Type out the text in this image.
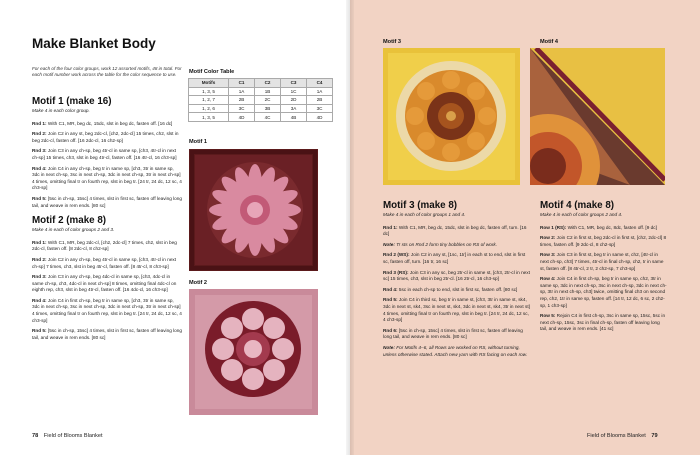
Make Blanket Body

For each of the four color groups, work 12 assorted motifs, 48 in total. For each motif number work across the table for the color sequence to use.

Motif 1 (make 16)

Make 4 in each color group.

Rnd 1: With C1, MR, beg dc, 15dc, slst in beg dc, fasten off. [16 dc]

Rnd 2: Join C2 in any st, beg 2dc-cl, [ch2, 2dc-cl] 15 times, ch2, slst in beg 2dc-cl, fasten off. [16 2dc-cl, 16 ch2-sp]

Rnd 3: Join C3 in any ch-sp, beg 4tr-cl in same sp, [ch3, 4tr-cl in next ch-sp] 15 times, ch3, slst in beg 4tr-cl, fasten off. [16 4tr-cl, 16 ch3-sp]

Rnd 4: Join C4 in any ch-sp, beg tr in same sp, [ch3, 3tr in same sp, 3dc in next ch-sp, 3sc in next ch-sp, 3dc in next ch-sp, 3tr in next ch-sp] 4 times, omitting final tr on fourth rep, slst in beg tr. [24 tr, 24 dc, 12 sc, 4 ch3-sp]

Rnd 5: [5sc in ch-sp, 15sc] 4 times, slst in first sc, fasten off leaving long tail, and weave in rem ends. [80 sc]

Motif 2 (make 8)

Make 4 in each of color groups 2 and 3.

Rnd 1: With C1, MR, beg 2dc-cl, [ch2, 2dc-cl] 7 times, ch2, slst in beg 2dc-cl, fasten off. [8 2dc-cl, 8 ch2-sp]

Rnd 2: Join C2 in any ch-sp, beg 4tr-cl in same sp, [ch3, 4tr-cl in next ch-sp] 7 times, ch3, slst in beg 4tr-cl, fasten off. [8 4tr-cl, 8 ch3-sp]

Rnd 3: Join C3 in any ch-sp, beg 4dc-cl in same sp, [ch3, 4dc-cl in same ch-sp, ch3, 4dc-cl in next ch-sp] 8 times, omitting final 4dc-cl on eighth rep, ch3, slst in beg 4tr-cl, fasten off. [16 4dc-cl, 16 ch3-sp]

Rnd 4: Join C4 in first ch-sp, beg tr in same sp, [ch3, 3tr in same sp, 3dc in next ch-sp, 3sc in next ch-sp, 3dc in next ch-sp, 3tr in next ch-sp] 4 times, omitting final tr on fourth rep, slst in beg tr. [24 tr, 24 dc, 12 sc, 4 ch3-sp]

Rnd 5: [5sc in ch-sp, 15sc] 4 times, slst in first sc, fasten off leaving long tail, and weave in rem ends. [80 sc]

Motif Color Table
Motifs	C1	C2	C3	C4
1, 3, 5	1A	1B	1C	1A
1, 2, 7	2B	2C	2D	2B
1, 2, 6	3C	3B	3A	3C
1, 3, 5	4D	4C	4B	4D
Motif 1
Motif 2
78 Field of Blooms Blanket
Motif 3	Motif 4
Motif 3 (make 8)

Make 4 in each of color groups 1 and 4.

Rnd 1: With C1, MR, beg dc, 15dc, slst in beg dc, fasten off, turn. [16 dc]

Note: Tr sts on Rnd 2 form tiny bobbles on RS of work.

Rnd 2 (WS): Join C2 in any st, [1sc, 1tr] in each st to end, slst in first sc, fasten off, turn. [16 tr, 16 sc]

Rnd 3 (RS): Join C3 in any sc, beg 2tr-cl in same st, [ch3, 2tr-cl in next sc] 15 times, ch3, slst in beg 2tr-cl. [16 2tr-cl, 16 ch3-sp]

Rnd 4: 5sc in each ch-sp to end, slst in first sc, fasten off. [80 sc]

Rnd 5: Join C4 in third sc, beg tr in same st, [ch3, 3tr in same st, sk4, 3dc in next st, sk4, 3sc in next st, sk4, 3dc in next st, sk4, 3tr in next st] 4 times, omitting final tr on fourth rep, slst in beg tr. [24 tr, 24 dc, 12 sc, 4 ch3-sp]

Rnd 6: [5sc in ch-sp, 15sc] 4 times, slst in first sc, fasten off leaving long tail, and weave in rem ends. [80 sc]

Note: For Motifs 4–6, all Rows are worked on RS, without turning, unless otherwise stated. Attach new yarn with RS facing on each row.

Motif 4 (make 8)

Make 4 in each of color groups 2 and 4.

Row 1 (RS): With C1, MR, beg dc, 8dc, fasten off. [9 dc]

Row 2: Join C2 in first st, beg 2dc-cl in first st, [ch2, 2dc-cl] 8 times, fasten off. [9 2dc-cl, 8 ch2-sp]

Row 3: Join C3 in first st, beg tr in same st, ch2, [4tr-cl in next ch-sp, ch3] 7 times, 4tr-cl in final ch-sp, ch2, tr in same st, fasten off. [8 4tr-cl, 2 tr, 2 ch2-sp, 7 ch3-sp]

Row 4: Join C4 in first ch-sp, beg tr in same sp, ch2, 3tr in same sp, 3dc in next ch-sp, 3sc in next ch-sp, 3dc in next ch-sp, 3tr in next ch-sp, ch3] twice, omitting final ch3 on second rep, ch2, 1tr in same sp, fasten off. [14 tr, 12 dc, 6 sc, 2 ch2-sp, 1 ch3-sp]

Row 5: Rejoin C4 in first ch-sp, 3sc in same sp, 15sc, 5sc in next ch-sp, 15sc, 3sc in final ch-sp, fasten off leaving long tail, and weave in rem ends. [41 sc]

Field of Blooms Blanket 79
